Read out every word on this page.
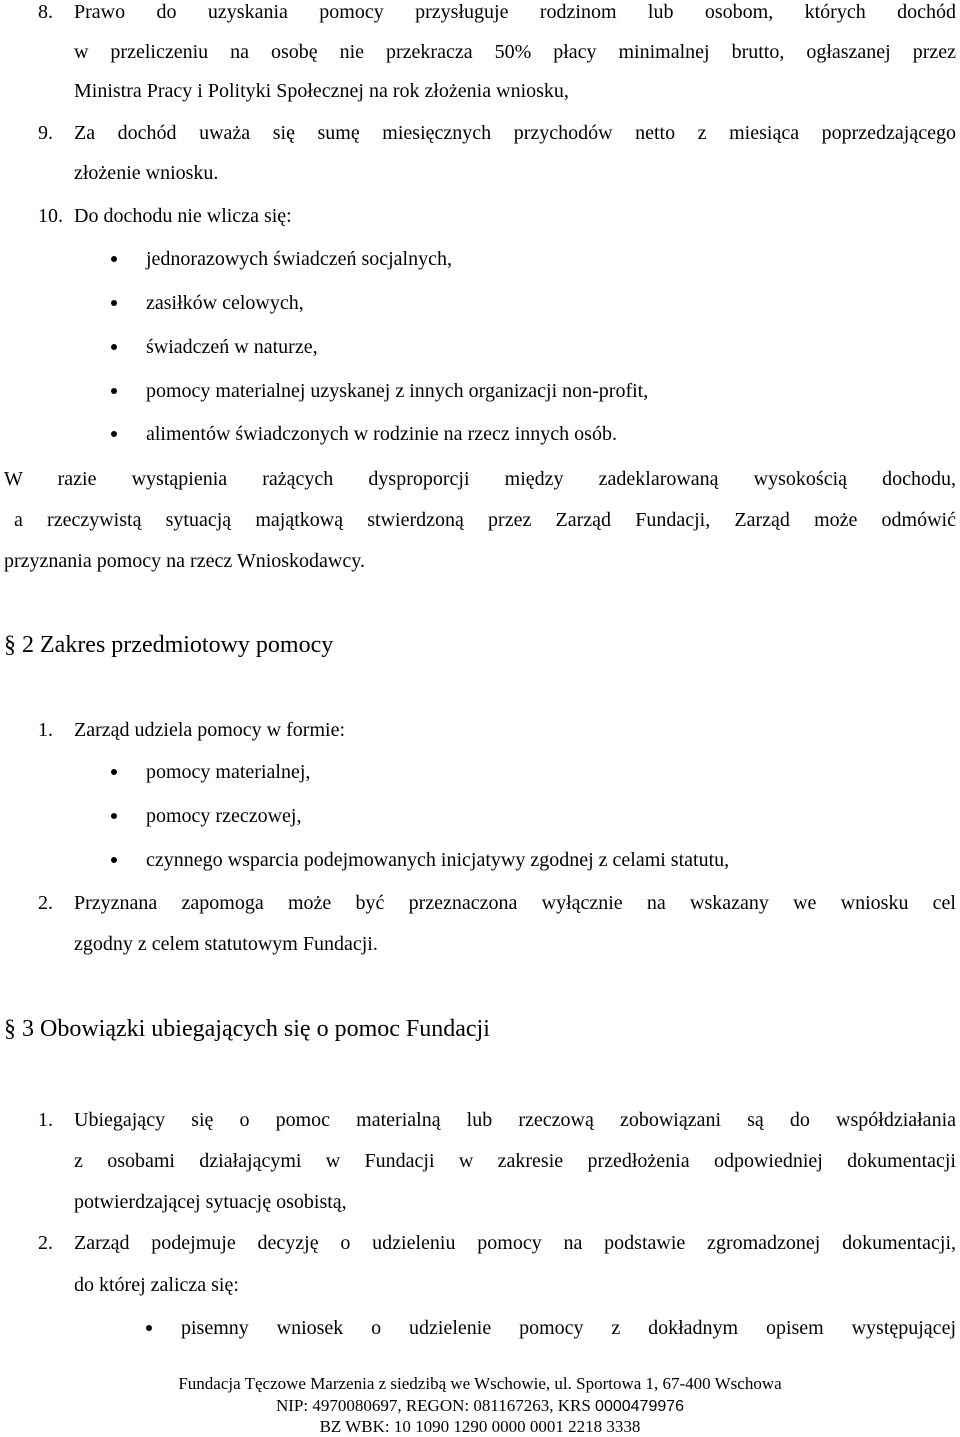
8. Prawo do uzyskania pomocy przysługuje rodzinom lub osobom, których dochód
w przeliczeniu na osobę nie przekracza 50% płacy minimalnej brutto, ogłaszanej przez
Ministra Pracy i Polityki Społecznej na rok złożenia wniosku,
9. Za dochód uważa się sumę miesięcznych przychodów netto z miesiąca poprzedzającego
złożenie wniosku.
10. Do dochodu nie wlicza się:
jednorazowych świadczeń socjalnych,
zasiłków celowych,
świadczeń w naturze,
pomocy materialnej uzyskanej z innych organizacji non-profit,
alimentów świadczonych w rodzinie na rzecz innych osób.
W razie wystąpienia rażących dysproporcji między zadeklarowaną wysokością dochodu,
a rzeczywistą sytuacją majątkową stwierdzoną przez Zarząd Fundacji, Zarząd może odmówić
przyznania pomocy na rzecz Wnioskodawcy.
§ 2 Zakres przedmiotowy pomocy
1. Zarząd udziela pomocy w formie:
pomocy materialnej,
pomocy rzeczowej,
czynnego wsparcia podejmowanych inicjatywy zgodnej z celami statutu,
2. Przyznana zapomoga może być przeznaczona wyłącznie na wskazany we wniosku cel
zgodny z celem statutowym Fundacji.
§ 3 Obowiązki ubiegających się o pomoc Fundacji
1. Ubiegający się o pomoc materialną lub rzeczową zobowiązani są do współdziałania
z osobami działającymi w Fundacji w zakresie przedłożenia odpowiedniej dokumentacji
potwierdzającej sytuację osobistą,
2. Zarząd podejmuje decyzję o udzieleniu pomocy na podstawie zgromadzonej dokumentacji,
do której zalicza się:
pisemny wniosek o udzielenie pomocy z dokładnym opisem występującej
Fundacja Tęczowe Marzenia z siedzibą we Wschowie, ul. Sportowa 1, 67-400 Wschowa
NIP: 4970080697, REGON: 081167263, KRS 0000479976
BZ WBK: 10 1090 1290 0000 0001 2218 3338
